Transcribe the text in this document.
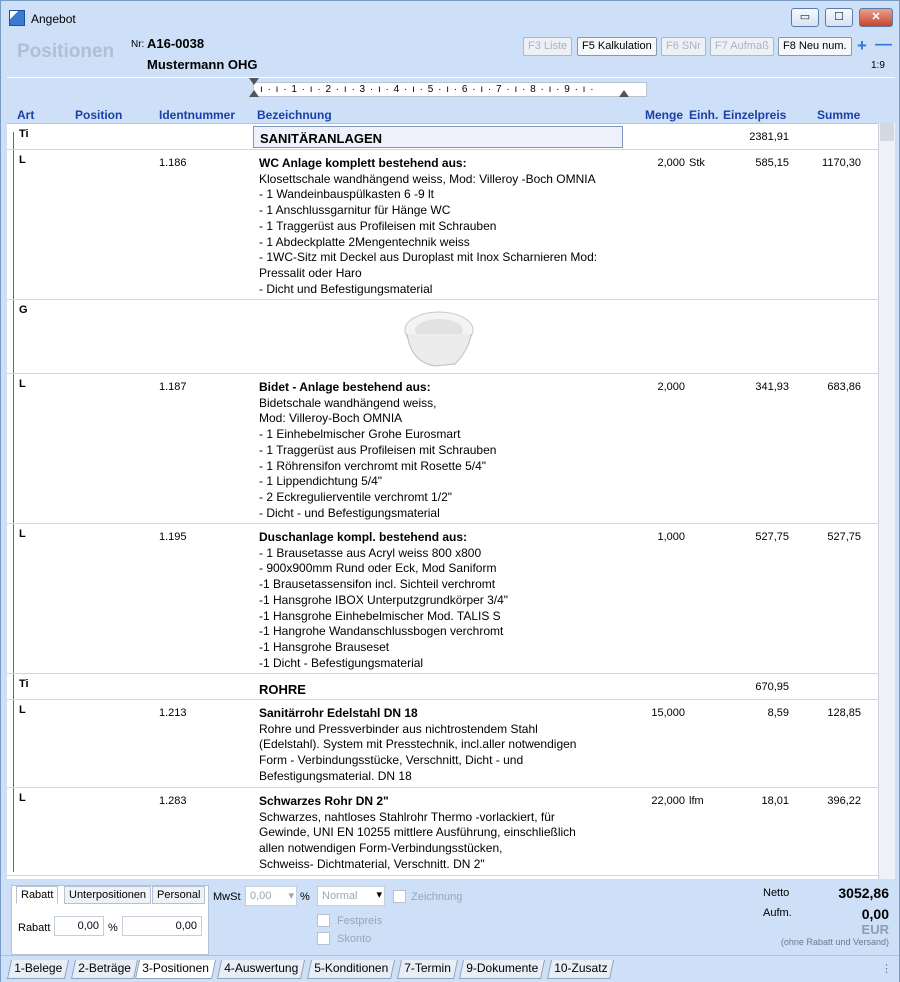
Angebot	▭	☐	✕
Positionen Nr: A16-0038
Mustermann OHG
F3 Liste	F5 Kalkulation	F6 SNr	F7 Aufmaß	F8 Neu num. + —
1:9
ı · ı · 1 · ı · 2 · ı · 3 · ı · 4 · ı · 5 · ı · 6 · ı · 7 · ı · 8 · ı · 9 · ı ·
Art	Position	Identnummer Bezeichnung	Menge Einh. Einzelpreis	Summe
Ti	SANITÄRANLAGEN	2381,91
L	1.186	WC Anlage komplett bestehend aus:
Klosettschale wandhängend weiss, Mod: Villeroy -Boch OMNIA
- 1 Wandeinbauspülkasten 6 -9 lt
- 1 Anschlussgarnitur für Hänge WC
- 1 Traggerüst aus Profileisen mit Schrauben
- 1 Abdeckplatte 2Mengentechnik weiss
- 1WC-Sitz mit Deckel aus Duroplast mit Inox Scharnieren Mod:
Pressalit oder Haro
- Dicht und Befestigungsmaterial
2,000 Stk	585,15	1170,30
G
L	1.187	Bidet - Anlage bestehend aus:
Bidetschale wandhängend weiss,
Mod: Villeroy-Boch OMNIA
- 1 Einhebelmischer Grohe Eurosmart
- 1 Traggerüst aus Profileisen mit Schrauben
- 1 Röhrensifon verchromt mit Rosette 5/4"
- 1 Lippendichtung 5/4"
- 2 Eckregulierventile verchromt 1/2"
- Dicht - und Befestigungsmaterial
2,000	341,93	683,86
L	1.195	Duschanlage kompl. bestehend aus:
- 1 Brausetasse aus Acryl weiss 800 x800
- 900x900mm Rund oder Eck, Mod Saniform
-1 Brausetassensifon incl. Sichteil verchromt
-1 Hansgrohe IBOX Unterputzgrundkörper 3/4"
-1 Hansgrohe Einhebelmischer Mod. TALIS S
-1 Hangrohe Wandanschlussbogen verchromt
-1 Hansgrohe Brauseset
-1 Dicht - Befestigungsmaterial
1,000	527,75	527,75
Ti	ROHRE	670,95
L	1.213	Sanitärrohr Edelstahl DN 18
Rohre und Pressverbinder aus nichtrostendem Stahl
(Edelstahl). System mit Presstechnik, incl.aller notwendigen
Form - Verbindungsstücke, Verschnitt, Dicht - und
Befestigungsmaterial. DN 18
15,000	8,59	128,85
L	1.283	Schwarzes Rohr DN 2"
Schwarzes, nahtloses Stahlrohr Thermo -vorlackiert, für
Gewinde, UNI EN 10255 mittlere Ausführung, einschließlich
allen notwendigen Form-Verbindungsstücken,
Schweiss- Dichtmaterial, Verschnitt. DN 2"
22,000 lfm	18,01	396,22
Rabatt	Unterpositionen Personal
Rabatt	0,00 %	0,00
MwSt 0,00 ▾ %	Normal ▾	Zeichnung
Festpreis
Skonto
Netto	3052,86
Aufm.	0,00
EUR
(ohne Rabatt und Versand)
1-Belege	2-Beträge 3-Positionen	4-Auswertung	5-Konditionen	7-Termin	9-Dokumente	10-Zusatz	⋮
